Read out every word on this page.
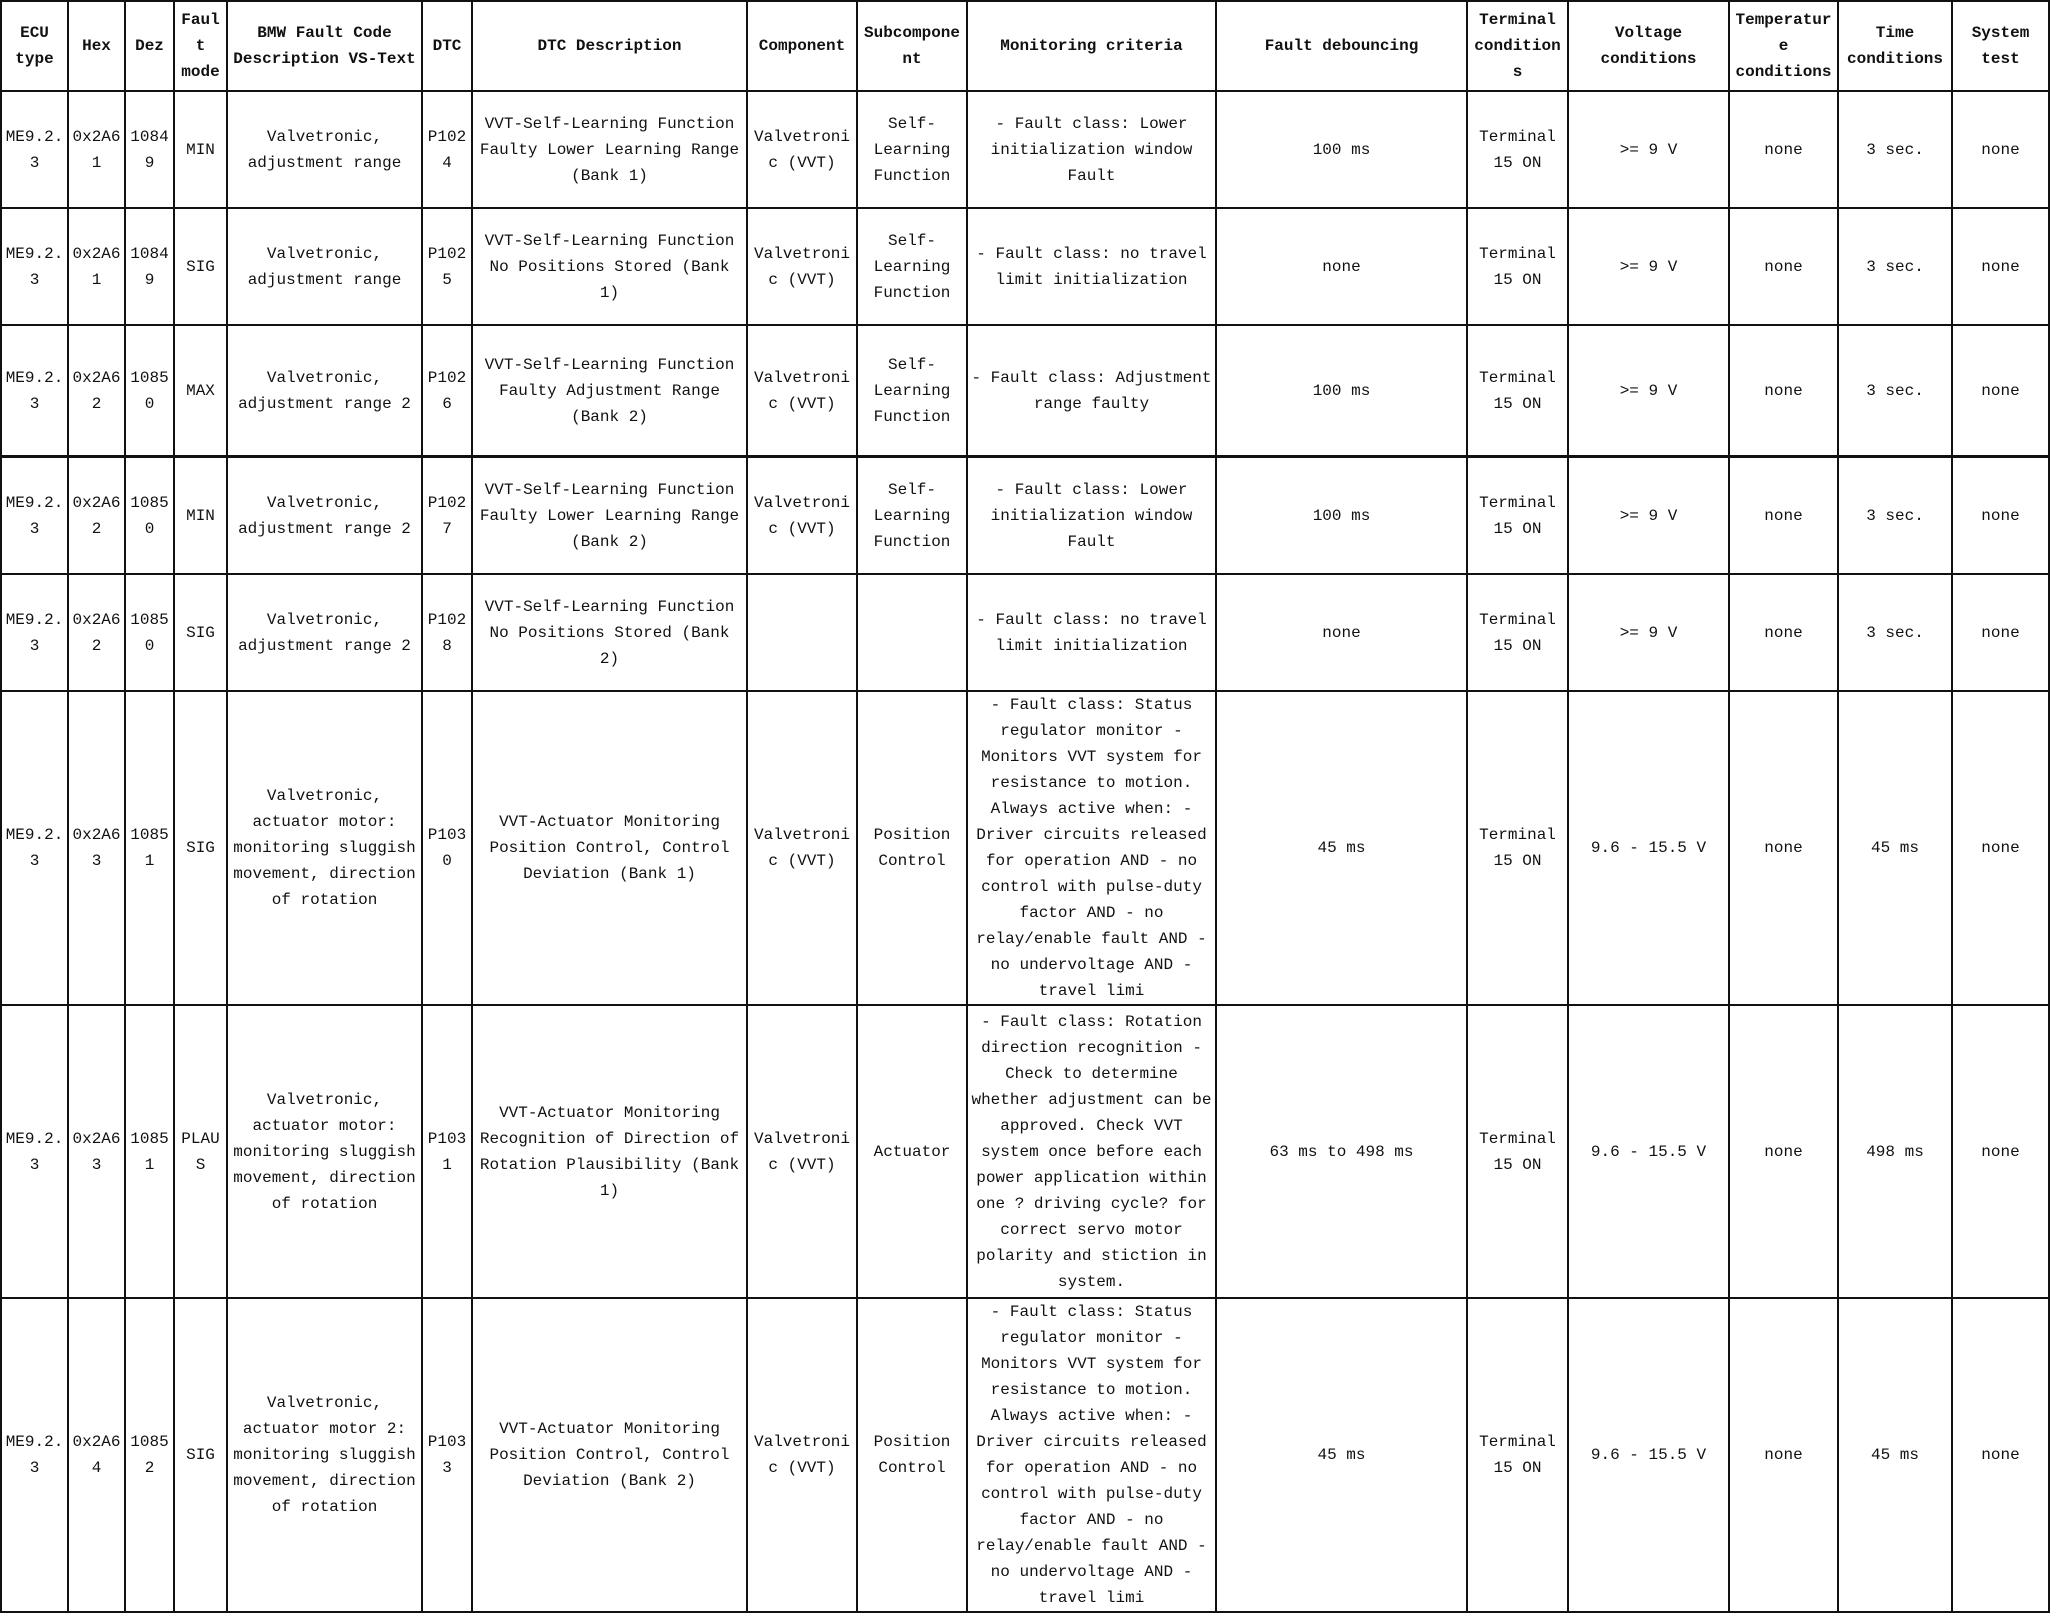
ECU type	Hex	Dez	Fault mode	BMW Fault Code Description VS-Text	DTC	DTC Description	Component	Subcomponent	Monitoring criteria	Fault debouncing	Terminal conditions	Voltage conditions	Temperature conditions	Time conditions	System test
ME9.2.3	0x2A61	10849	MIN	Valvetronic, adjustment range	P1024	VVT-Self-Learning Function Faulty Lower Learning Range (Bank 1)	Valvetronic (VVT)	Self-Learning Function	- Fault class: Lower initialization window Fault	100 ms	Terminal 15 ON	>= 9 V	none	3 sec.	none
ME9.2.3	0x2A61	10849	SIG	Valvetronic, adjustment range	P1025	VVT-Self-Learning Function No Positions Stored (Bank 1)	Valvetronic (VVT)	Self-Learning Function	- Fault class: no travel limit initialization	none	Terminal 15 ON	>= 9 V	none	3 sec.	none
ME9.2.3	0x2A62	10850	MAX	Valvetronic, adjustment range 2	P1026	VVT-Self-Learning Function Faulty Adjustment Range (Bank 2)	Valvetronic (VVT)	Self-Learning Function	- Fault class: Adjustment range faulty	100 ms	Terminal 15 ON	>= 9 V	none	3 sec.	none
ME9.2.3	0x2A62	10850	MIN	Valvetronic, adjustment range 2	P1027	VVT-Self-Learning Function Faulty Lower Learning Range (Bank 2)	Valvetronic (VVT)	Self-Learning Function	- Fault class: Lower initialization window Fault	100 ms	Terminal 15 ON	>= 9 V	none	3 sec.	none
ME9.2.3	0x2A62	10850	SIG	Valvetronic, adjustment range 2	P1028	VVT-Self-Learning Function No Positions Stored (Bank 2)			- Fault class: no travel limit initialization	none	Terminal 15 ON	>= 9 V	none	3 sec.	none
ME9.2.3	0x2A63	10851	SIG	Valvetronic, actuator motor: monitoring sluggish movement, direction of rotation	P1030	VVT-Actuator Monitoring Position Control, Control Deviation (Bank 1)	Valvetronic (VVT)	Position Control	- Fault class: Status regulator monitor - Monitors VVT system for resistance to motion. Always active when: - Driver circuits released for operation AND - no control with pulse-duty factor AND - no relay/enable fault AND - no undervoltage AND -travel limi	45 ms	Terminal 15 ON	9.6 - 15.5 V	none	45 ms	none
ME9.2.3	0x2A63	10851	PLAUS	Valvetronic, actuator motor: monitoring sluggish movement, direction of rotation	P1031	VVT-Actuator Monitoring Recognition of Direction of Rotation Plausibility (Bank 1)	Valvetronic (VVT)	Actuator	- Fault class: Rotation direction recognition - Check to determine whether adjustment can be approved. Check VVT system once before each power application within one ? driving cycle? for correct servo motor polarity and stiction in system.	63 ms to 498 ms	Terminal 15 ON	9.6 - 15.5 V	none	498 ms	none
ME9.2.3	0x2A64	10852	SIG	Valvetronic, actuator motor 2: monitoring sluggish movement, direction of rotation	P1033	VVT-Actuator Monitoring Position Control, Control Deviation (Bank 2)	Valvetronic (VVT)	Position Control	- Fault class: Status regulator monitor - Monitors VVT system for resistance to motion. Always active when: - Driver circuits released for operation AND - no control with pulse-duty factor AND - no relay/enable fault AND - no undervoltage AND -travel limi	45 ms	Terminal 15 ON	9.6 - 15.5 V	none	45 ms	none
